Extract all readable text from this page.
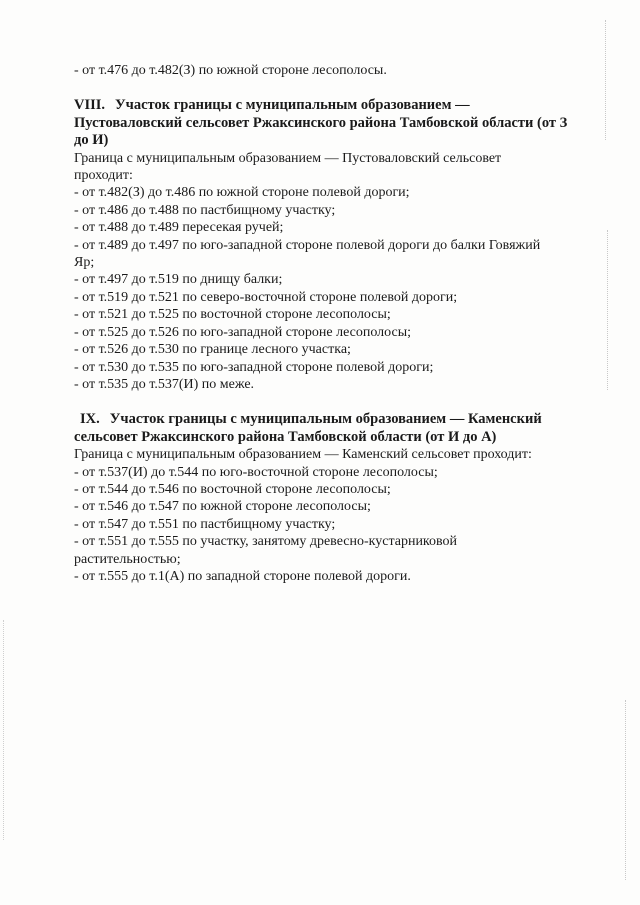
- от т.476 до т.482(З) по южной стороне лесополосы.
VIII. Участок границы с муниципальным образованием —
Пустоваловский сельсовет Ржаксинского района Тамбовской области (от З
до И)
Граница с муниципальным образованием — Пустоваловский сельсовет
проходит:
- от т.482(З) до т.486 по южной стороне полевой дороги;
- от т.486 до т.488 по пастбищному участку;
- от т.488 до т.489 пересекая ручей;
- от т.489 до т.497 по юго-западной стороне полевой дороги до балки Говяжий
Яр;
- от т.497 до т.519 по днищу балки;
- от т.519 до т.521 по северо-восточной стороне полевой дороги;
- от т.521 до т.525 по восточной стороне лесополосы;
- от т.525 до т.526 по юго-западной стороне лесополосы;
- от т.526 до т.530 по границе лесного участка;
- от т.530 до т.535 по юго-западной стороне полевой дороги;
- от т.535 до т.537(И) по меже.
IX. Участок границы с муниципальным образованием — Каменский
сельсовет Ржаксинского района Тамбовской области (от И до А)
Граница с муниципальным образованием — Каменский сельсовет проходит:
- от т.537(И) до т.544 по юго-восточной стороне лесополосы;
- от т.544 до т.546 по восточной стороне лесополосы;
- от т.546 до т.547 по южной стороне лесополосы;
- от т.547 до т.551 по пастбищному участку;
- от т.551 до т.555 по участку, занятому древесно-кустарниковой
растительностью;
- от т.555 до т.1(А) по западной стороне полевой дороги.
